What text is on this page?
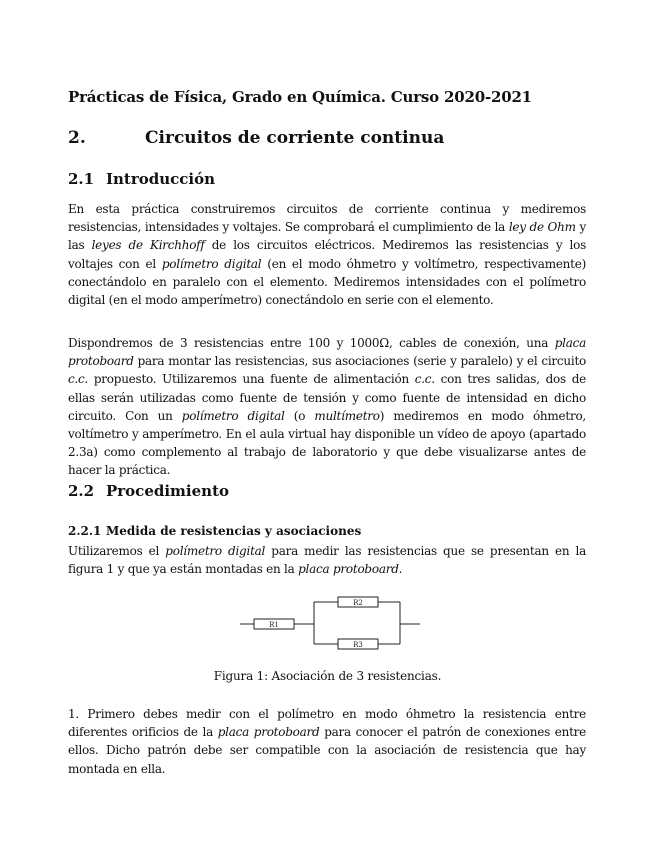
Prácticas de Física, Grado en Química. Curso 2020-2021
2.	Circuitos de corriente continua
2.1 Introducción

En esta práctica construiremos circuitos de corriente continua y mediremos resistencias, intensidades y voltajes. Se comprobará el cumplimiento de la ley de Ohm y las leyes de Kirchhoff de los circuitos eléctricos. Mediremos las resistencias y los voltajes con el polímetro digital (en el modo óhmetro y voltímetro, respectivamente) conectándolo en paralelo con el elemento. Mediremos intensidades con el polímetro digital (en el modo amperímetro) conectándolo en serie con el elemento.

Dispondremos de 3 resistencias entre 100 y 1000Ω, cables de conexión, una placa protoboard para montar las resistencias, sus asociaciones (serie y paralelo) y el circuito c.c. propuesto. Utilizaremos una fuente de alimentación c.c. con tres salidas, dos de ellas serán utilizadas como fuente de tensión y como fuente de intensidad en dicho circuito. Con un polímetro digital (o multímetro) mediremos en modo óhmetro, voltímetro y amperímetro. En el aula virtual hay disponible un vídeo de apoyo (apartado 2.3a) como complemento al trabajo de laboratorio y que debe visualizarse antes de hacer la práctica.

2.2 Procedimiento
2.2.1 Medida de resistencias y asociaciones

Utilizaremos el polímetro digital para medir las resistencias que se presentan en la figura 1 y que ya están montadas en la placa protoboard.

R1
R2
R3
Figura 1: Asociación de 3 resistencias.

1. Primero debes medir con el polímetro en modo óhmetro la resistencia entre diferentes orificios de la placa protoboard para conocer el patrón de conexiones entre ellos. Dicho patrón debe ser compatible con la asociación de resistencia que hay montada en ella.
